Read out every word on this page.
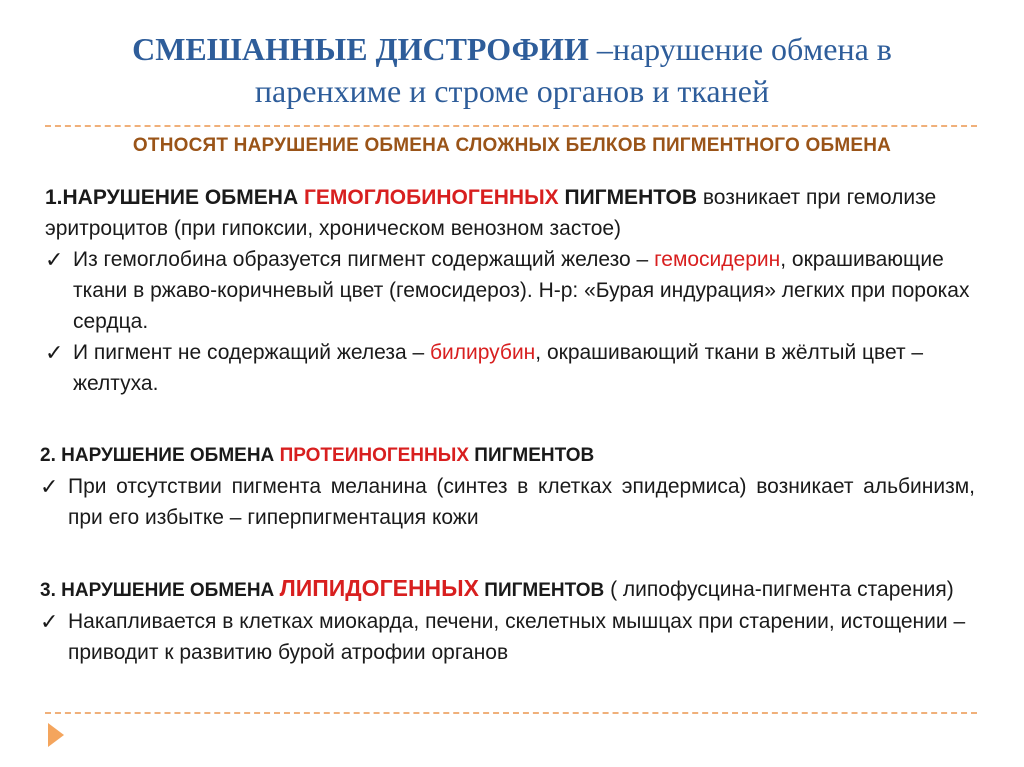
СМЕШАННЫЕ ДИСТРОФИИ –нарушение обмена в
паренхиме и строме органов и тканей
ОТНОСЯТ НАРУШЕНИЕ ОБМЕНА СЛОЖНЫХ БЕЛКОВ ПИГМЕНТНОГО ОБМЕНА
1.НАРУШЕНИЕ ОБМЕНА ГЕМОГЛОБИНОГЕННЫХ ПИГМЕНТОВ возникает при гемолизе эритроцитов (при гипоксии, хроническом венозном застое)
✓ Из гемоглобина образуется пигмент содержащий железо – гемосидерин, окрашивающие ткани в ржаво-коричневый цвет (гемосидероз). Н-р: «Бурая индурация» легких при пороках сердца.
✓ И пигмент не содержащий железа – билирубин, окрашивающий ткани в жёлтый цвет –желтуха.
2. НАРУШЕНИЕ ОБМЕНА ПРОТЕИНОГЕННЫХ ПИГМЕНТОВ
✓ При отсутствии пигмента меланина (синтез в клетках эпидермиса) возникает альбинизм, при его избытке – гиперпигментация кожи
3. НАРУШЕНИЕ ОБМЕНА ЛИПИДОГЕННЫХ ПИГМЕНТОВ ( липофусцина-пигмента старения)
✓ Накапливается в клетках миокарда, печени, скелетных мышцах при старении, истощении – приводит к развитию бурой атрофии органов
